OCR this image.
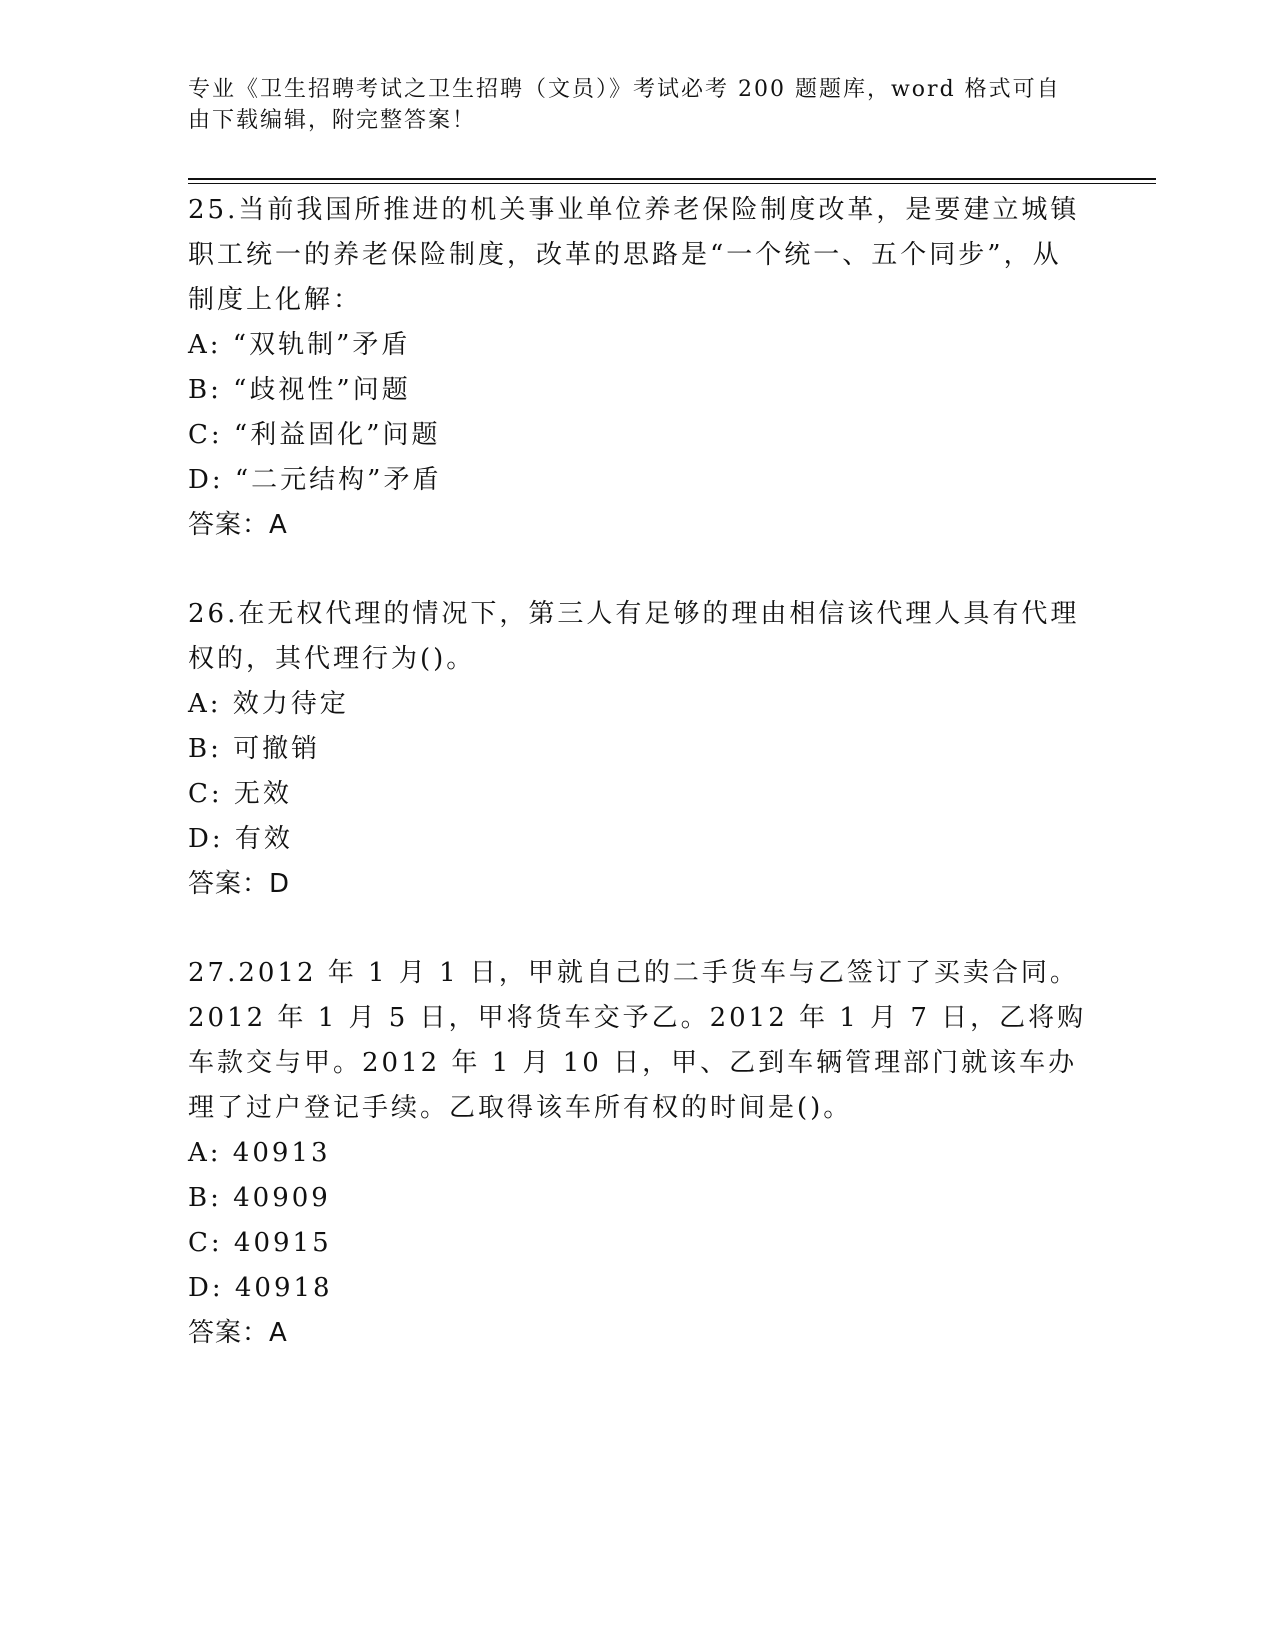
专业《卫生招聘考试之卫生招聘（文员）》考试必考 200 题题库，word 格式可自由下载编辑，附完整答案！
25.当前我国所推进的机关事业单位养老保险制度改革，是要建立城镇职工统一的养老保险制度，改革的思路是“一个统一、五个同步”，从制度上化解：
A: “双轨制”矛盾
B: “歧视性”问题
C: “利益固化”问题
D: “二元结构”矛盾
答案：A
26.在无权代理的情况下，第三人有足够的理由相信该代理人具有代理权的，其代理行为()。
A: 效力待定
B: 可撤销
C: 无效
D: 有效
答案：D
27.2012 年 1 月 1 日，甲就自己的二手货车与乙签订了买卖合同。2012 年 1 月 5 日，甲将货车交予乙。2012 年 1 月 7 日，乙将购车款交与甲。2012 年 1 月 10 日，甲、乙到车辆管理部门就该车办理了过户登记手续。乙取得该车所有权的时间是()。
A: 40913
B: 40909
C: 40915
D: 40918
答案：A
